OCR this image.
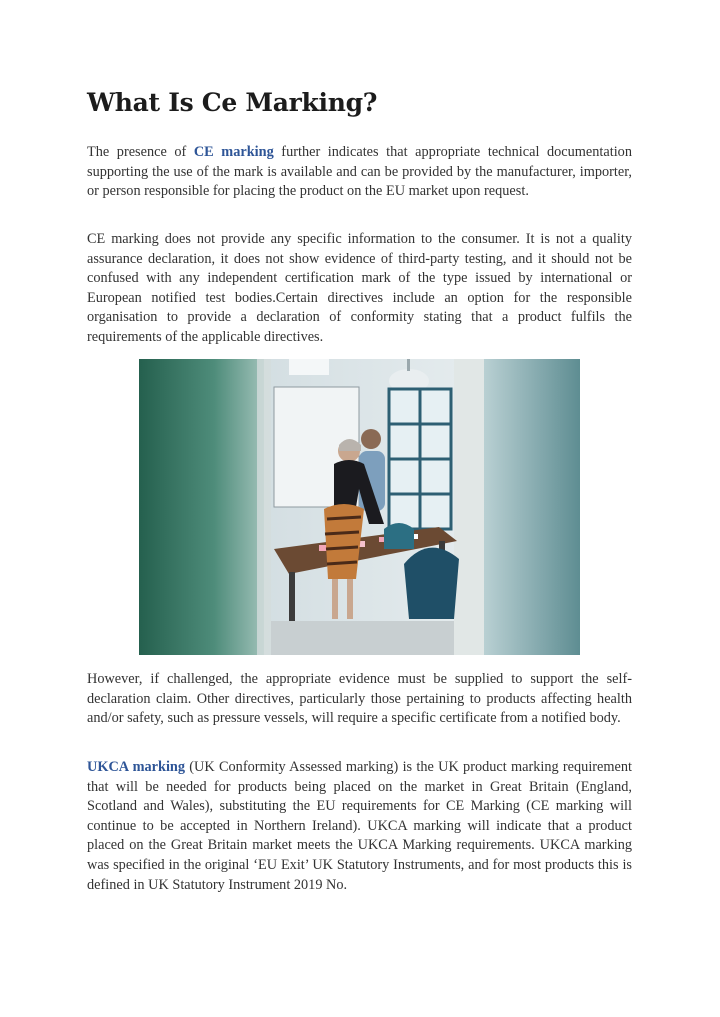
What Is Ce Marking?

The presence of CE marking further indicates that appropriate technical documentation supporting the use of the mark is available and can be provided by the manufacturer, importer, or person responsible for placing the product on the EU market upon request.

CE marking does not provide any specific information to the consumer. It is not a quality assurance declaration, it does not show evidence of third-party testing, and it should not be confused with any independent certification mark of the type issued by international or European notified test bodies.Certain directives include an option for the responsible organisation to provide a declaration of conformity stating that a product fulfils the requirements of the applicable directives.

However, if challenged, the appropriate evidence must be supplied to support the self-declaration claim. Other directives, particularly those pertaining to products affecting health and/or safety, such as pressure vessels, will require a specific certificate from a notified body.

UKCA marking (UK Conformity Assessed marking) is the UK product marking requirement that will be needed for products being placed on the market in Great Britain (England, Scotland and Wales), substituting the EU requirements for CE Marking (CE marking will continue to be accepted in Northern Ireland). UKCA marking will indicate that a product placed on the Great Britain market meets the UKCA Marking requirements. UKCA marking was specified in the original ‘EU Exit’ UK Statutory Instruments, and for most products this is defined in UK Statutory Instrument 2019 No.
